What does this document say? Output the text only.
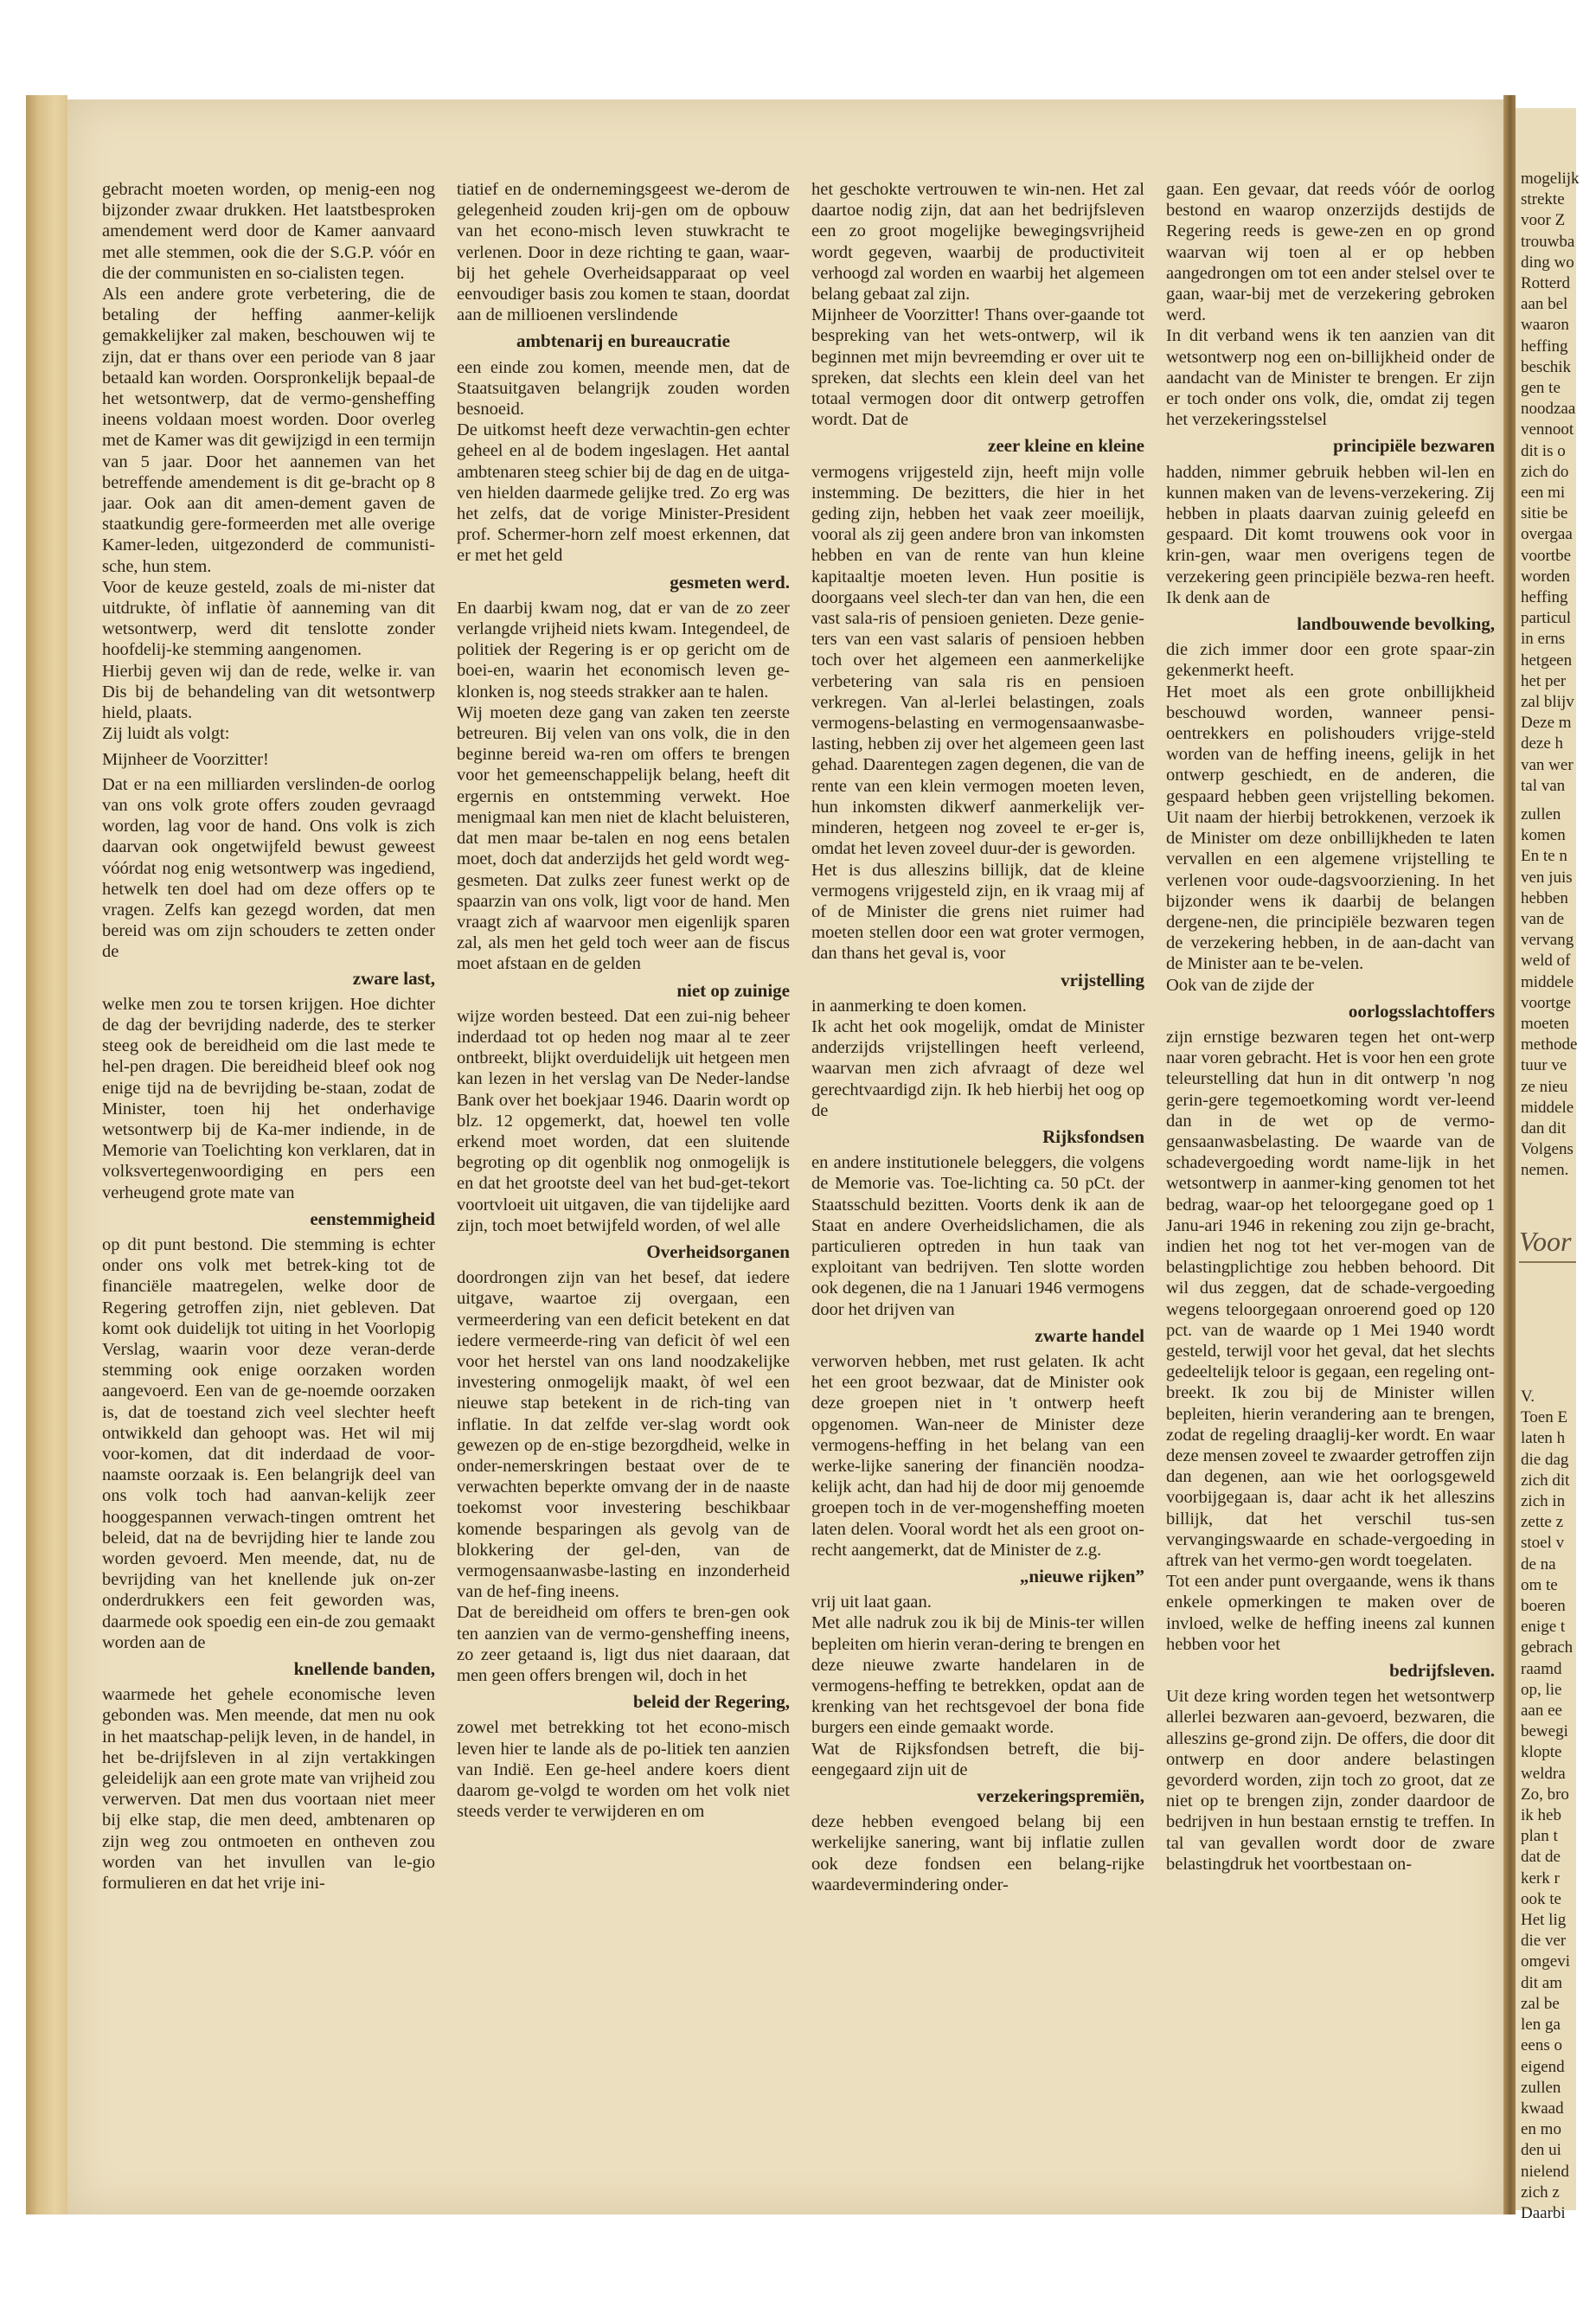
gebracht moeten worden, op menig-een nog bijzonder zwaar drukken. Het laatstbesproken amendement werd door de Kamer aanvaard met alle stemmen, ook die der S.G.P. vóór en die der communisten en so-cialisten tegen.

Als een andere grote verbetering, die de betaling der heffing aanmer-kelijk gemakkelijker zal maken, beschouwen wij te zijn, dat er thans over een periode van 8 jaar betaald kan worden. Oorspronkelijk bepaal-de het wetsontwerp, dat de vermo-gensheffing ineens voldaan moest worden. Door overleg met de Kamer was dit gewijzigd in een termijn van 5 jaar. Door het aannemen van het betreffende amendement is dit ge-bracht op 8 jaar. Ook aan dit amen-dement gaven de staatkundig gere-formeerden met alle overige Kamer-leden, uitgezonderd de communisti-sche, hun stem.

Voor de keuze gesteld, zoals de mi-nister dat uitdrukte, òf inflatie òf aanneming van dit wetsontwerp, werd dit tenslotte zonder hoofdelij-ke stemming aangenomen.

Hierbij geven wij dan de rede, welke ir. van Dis bij de behandeling van dit wetsontwerp hield, plaats.

Zij luidt als volgt:

Mijnheer de Voorzitter!

Dat er na een milliarden verslinden-de oorlog van ons volk grote offers zouden gevraagd worden, lag voor de hand. Ons volk is zich daarvan ook ongetwijfeld bewust geweest vóórdat nog enig wetsontwerp was ingediend, hetwelk ten doel had om deze offers op te vragen. Zelfs kan gezegd worden, dat men bereid was om zijn schouders te zetten onder de

zware last,

welke men zou te torsen krijgen. Hoe dichter de dag der bevrijding naderde, des te sterker steeg ook de bereidheid om die last mede te hel-pen dragen. Die bereidheid bleef ook nog enige tijd na de bevrijding be-staan, zodat de Minister, toen hij het onderhavige wetsontwerp bij de Ka-mer indiende, in de Memorie van Toelichting kon verklaren, dat in volksvertegenwoordiging en pers een verheugend grote mate van

eenstemmigheid

op dit punt bestond. Die stemming is echter onder ons volk met betrek-king tot de financiële maatregelen, welke door de Regering getroffen zijn, niet gebleven. Dat komt ook duidelijk tot uiting in het Voorlopig Verslag, waarin voor deze veran-derde stemming ook enige oorzaken worden aangevoerd. Een van de ge-noemde oorzaken is, dat de toestand zich veel slechter heeft ontwikkeld dan gehoopt was. Het wil mij voor-komen, dat dit inderdaad de voor-naamste oorzaak is. Een belangrijk deel van ons volk toch had aanvan-kelijk zeer hooggespannen verwach-tingen omtrent het beleid, dat na de bevrijding hier te lande zou worden gevoerd. Men meende, dat, nu de bevrijding van het knellende juk on-zer onderdrukkers een feit geworden was, daarmede ook spoedig een ein-de zou gemaakt worden aan de

knellende banden,

waarmede het gehele economische leven gebonden was. Men meende, dat men nu ook in het maatschap-pelijk leven, in de handel, in het be-drijfsleven in al zijn vertakkingen geleidelijk aan een grote mate van vrijheid zou verwerven. Dat men dus voortaan niet meer bij elke stap, die men deed, ambtenaren op zijn weg zou ontmoeten en ontheven zou worden van het invullen van le-gio formulieren en dat het vrije ini-

tiatief en de ondernemingsgeest we-derom de gelegenheid zouden krij-gen om de opbouw van het econo-misch leven stuwkracht te verlenen. Door in deze richting te gaan, waar-bij het gehele Overheidsapparaat op veel eenvoudiger basis zou komen te staan, doordat aan de millioenen verslindende

ambtenarij en bureaucratie

een einde zou komen, meende men, dat de Staatsuitgaven belangrijk zouden worden besnoeid.

De uitkomst heeft deze verwachtin-gen echter geheel en al de bodem ingeslagen. Het aantal ambtenaren steeg schier bij de dag en de uitga-ven hielden daarmede gelijke tred. Zo erg was het zelfs, dat de vorige Minister-President prof. Schermer-horn zelf moest erkennen, dat er met het geld

gesmeten werd.

En daarbij kwam nog, dat er van de zo zeer verlangde vrijheid niets kwam. Integendeel, de politiek der Regering is er op gericht om de boei-en, waarin het economisch leven ge-klonken is, nog steeds strakker aan te halen.

Wij moeten deze gang van zaken ten zeerste betreuren. Bij velen van ons volk, die in den beginne bereid wa-ren om offers te brengen voor het gemeenschappelijk belang, heeft dit ergernis en ontstemming verwekt. Hoe menigmaal kan men niet de klacht beluisteren, dat men maar be-talen en nog eens betalen moet, doch dat anderzijds het geld wordt weg-gesmeten. Dat zulks zeer funest werkt op de spaarzin van ons volk, ligt voor de hand. Men vraagt zich af waarvoor men eigenlijk sparen zal, als men het geld toch weer aan de fiscus moet afstaan en de gelden

niet op zuinige

wijze worden besteed. Dat een zui-nig beheer inderdaad tot op heden nog maar al te zeer ontbreekt, blijkt overduidelijk uit hetgeen men kan lezen in het verslag van De Neder-landse Bank over het boekjaar 1946. Daarin wordt op blz. 12 opgemerkt, dat, hoewel ten volle erkend moet worden, dat een sluitende begroting op dit ogenblik nog onmogelijk is en dat het grootste deel van het bud-get-tekort voortvloeit uit uitgaven, die van tijdelijke aard zijn, toch moet betwijfeld worden, of wel alle

Overheidsorganen

doordrongen zijn van het besef, dat iedere uitgave, waartoe zij overgaan, een vermeerdering van een deficit betekent en dat iedere vermeerde-ring van deficit òf wel een voor het herstel van ons land noodzakelijke investering onmogelijk maakt, òf wel een nieuwe stap betekent in de rich-ting van inflatie. In dat zelfde ver-slag wordt ook gewezen op de en-stige bezorgdheid, welke in onder-nemerskringen bestaat over de te verwachten beperkte omvang der in de naaste toekomst voor investering beschikbaar komende besparingen als gevolg van de blokkering der gel-den, van de vermogensaanwasbe-lasting en inzonderheid van de hef-fing ineens.

Dat de bereidheid om offers te bren-gen ook ten aanzien van de vermo-gensheffing ineens, zo zeer getaand is, ligt dus niet daaraan, dat men geen offers brengen wil, doch in het

beleid der Regering,

zowel met betrekking tot het econo-misch leven hier te lande als de po-litiek ten aanzien van Indië. Een ge-heel andere koers dient daarom ge-volgd te worden om het volk niet steeds verder te verwijderen en om

het geschokte vertrouwen te win-nen. Het zal daartoe nodig zijn, dat aan het bedrijfsleven een zo groot mogelijke bewegingsvrijheid wordt gegeven, waarbij de productiviteit verhoogd zal worden en waarbij het algemeen belang gebaat zal zijn.

Mijnheer de Voorzitter! Thans over-gaande tot bespreking van het wets-ontwerp, wil ik beginnen met mijn bevreemding er over uit te spreken, dat slechts een klein deel van het totaal vermogen door dit ontwerp getroffen wordt. Dat de

zeer kleine en kleine

vermogens vrijgesteld zijn, heeft mijn volle instemming. De bezitters, die hier in het geding zijn, hebben het vaak zeer moeilijk, vooral als zij geen andere bron van inkomsten hebben en van de rente van hun kleine kapitaaltje moeten leven. Hun positie is doorgaans veel slech-ter dan van hen, die een vast sala-ris of pensioen genieten. Deze genie-ters van een vast salaris of pensioen hebben toch over het algemeen een aanmerkelijke verbetering van sala ris en pensioen verkregen. Van al-lerlei belastingen, zoals vermogens-belasting en vermogensaanwasbe-lasting, hebben zij over het algemeen geen last gehad. Daarentegen zagen degenen, die van de rente van een klein vermogen moeten leven, hun inkomsten dikwerf aanmerkelijk ver-minderen, hetgeen nog zoveel te er-ger is, omdat het leven zoveel duur-der is geworden.

Het is dus alleszins billijk, dat de kleine vermogens vrijgesteld zijn, en ik vraag mij af of de Minister die grens niet ruimer had moeten stellen door een wat groter vermogen, dan thans het geval is, voor

vrijstelling

in aanmerking te doen komen.

Ik acht het ook mogelijk, omdat de Minister anderzijds vrijstellingen heeft verleend, waarvan men zich afvraagt of deze wel gerechtvaardigd zijn. Ik heb hierbij het oog op de

Rijksfondsen

en andere institutionele beleggers, die volgens de Memorie vas. Toe-lichting ca. 50 pCt. der Staatsschuld bezitten. Voorts denk ik aan de Staat en andere Overheidslichamen, die als particulieren optreden in hun taak van exploitant van bedrijven. Ten slotte worden ook degenen, die na 1 Januari 1946 vermogens door het drijven van

zwarte handel

verworven hebben, met rust gelaten. Ik acht het een groot bezwaar, dat de Minister ook deze groepen niet in 't ontwerp heeft opgenomen. Wan-neer de Minister deze vermogens-heffing in het belang van een werke-lijke sanering der financiën noodza-kelijk acht, dan had hij de door mij genoemde groepen toch in de ver-mogensheffing moeten laten delen. Vooral wordt het als een groot on-recht aangemerkt, dat de Minister de z.g.

„nieuwe rijken”

vrij uit laat gaan.

Met alle nadruk zou ik bij de Minis-ter willen bepleiten om hierin veran-dering te brengen en deze nieuwe zwarte handelaren in de vermogens-heffing te betrekken, opdat aan de krenking van het rechtsgevoel der bona fide burgers een einde gemaakt worde.

Wat de Rijksfondsen betreft, die bij-eengegaard zijn uit de

verzekeringspremiën,

deze hebben evengoed belang bij een werkelijke sanering, want bij inflatie zullen ook deze fondsen een belang-rijke waardevermindering onder-

gaan. Een gevaar, dat reeds vóór de oorlog bestond en waarop onzerzijds destijds de Regering reeds is gewe-zen en op grond waarvan wij toen al er op hebben aangedrongen om tot een ander stelsel over te gaan, waar-bij met de verzekering gebroken werd.

In dit verband wens ik ten aanzien van dit wetsontwerp nog een on-billijkheid onder de aandacht van de Minister te brengen. Er zijn er toch onder ons volk, die, omdat zij tegen het verzekeringsstelsel

principiële bezwaren

hadden, nimmer gebruik hebben wil-len en kunnen maken van de levens-verzekering. Zij hebben in plaats daarvan zuinig geleefd en gespaard. Dit komt trouwens ook voor in krin-gen, waar men overigens tegen de verzekering geen principiële bezwa-ren heeft. Ik denk aan de

landbouwende bevolking,

die zich immer door een grote spaar-zin gekenmerkt heeft.

Het moet als een grote onbillijkheid beschouwd worden, wanneer pensi-oentrekkers en polishouders vrijge-steld worden van de heffing ineens, gelijk in het ontwerp geschiedt, en de anderen, die gespaard hebben geen vrijstelling bekomen. Uit naam der hierbij betrokkenen, verzoek ik de Minister om deze onbillijkheden te laten vervallen en een algemene vrijstelling te verlenen voor oude-dagsvoorziening. In het bijzonder wens ik daarbij de belangen dergene-nen, die principiële bezwaren tegen de verzekering hebben, in de aan-dacht van de Minister aan te be-velen.

Ook van de zijde der

oorlogsslachtoffers

zijn ernstige bezwaren tegen het ont-werp naar voren gebracht. Het is voor hen een grote teleurstelling dat hun in dit ontwerp 'n nog gerin-gere tegemoetkoming wordt ver-leend dan in de wet op de vermo-gensaanwasbelasting. De waarde van de schadevergoeding wordt name-lijk in het wetsontwerp in aanmer-king genomen tot het bedrag, waar-op het teloorgegane goed op 1 Janu-ari 1946 in rekening zou zijn ge-bracht, indien het nog tot het ver-mogen van de belastingplichtige zou hebben behoord. Dit wil dus zeggen, dat de schade-vergoeding wegens teloorgegaan onroerend goed op 120 pct. van de waarde op 1 Mei 1940 wordt gesteld, terwijl voor het geval, dat het slechts gedeeltelijk teloor is gegaan, een regeling ont-breekt. Ik zou bij de Minister willen bepleiten, hierin verandering aan te brengen, zodat de regeling draaglij-ker wordt. En waar deze mensen zoveel te zwaarder getroffen zijn dan degenen, aan wie het oorlogsgeweld voorbijgegaan is, daar acht ik het alleszins billijk, dat het verschil tus-sen vervangingswaarde en schade-vergoeding in aftrek van het vermo-gen wordt toegelaten.

Tot een ander punt overgaande, wens ik thans enkele opmerkingen te maken over de invloed, welke de heffing ineens zal kunnen hebben voor het

bedrijfsleven.

Uit deze kring worden tegen het wetsontwerp allerlei bezwaren aan-gevoerd, bezwaren, die alleszins ge-grond zijn. De offers, die door dit ontwerp en door andere belastingen gevorderd worden, zijn toch zo groot, dat ze niet op te brengen zijn, zonder daardoor de bedrijven in hun bestaan ernstig te treffen. In tal van gevallen wordt door de zware belastingdruk het voortbestaan on-

mogelijk

strekte

voor Z

trouwba

ding wo

Rotterd

aan bel

waaron

heffing

beschik

gen te

noodzaa

vennoot

dit is o

zich do

een mi

sitie be

overgaa

voortbe

worden

heffing

particul

in erns

hetgeen

het per

zal blijv

Deze m

deze h

van wer

tal van

zullen

komen

En te n

ven juis

hebben

van de

vervang

weld of

middele

voortge

moeten

methode

tuur ve

ze nieu

middele

dan dit

Volgens

nemen.

Voor

V.

Toen E

laten h

die dag

zich dit

zich in

zette z

stoel v

de na

om te

boeren

enige t

gebrach

raamd

op, lie

aan ee

bewegi

klopte

weldra

Zo, bro

ik heb

plan t

dat de

kerk r

ook te

Het lig

die ver

omgevi

dit am

zal be

len ga

eens o

eigend

zullen

kwaad

en mo

den ui

nielend

zich z

Daarbi
